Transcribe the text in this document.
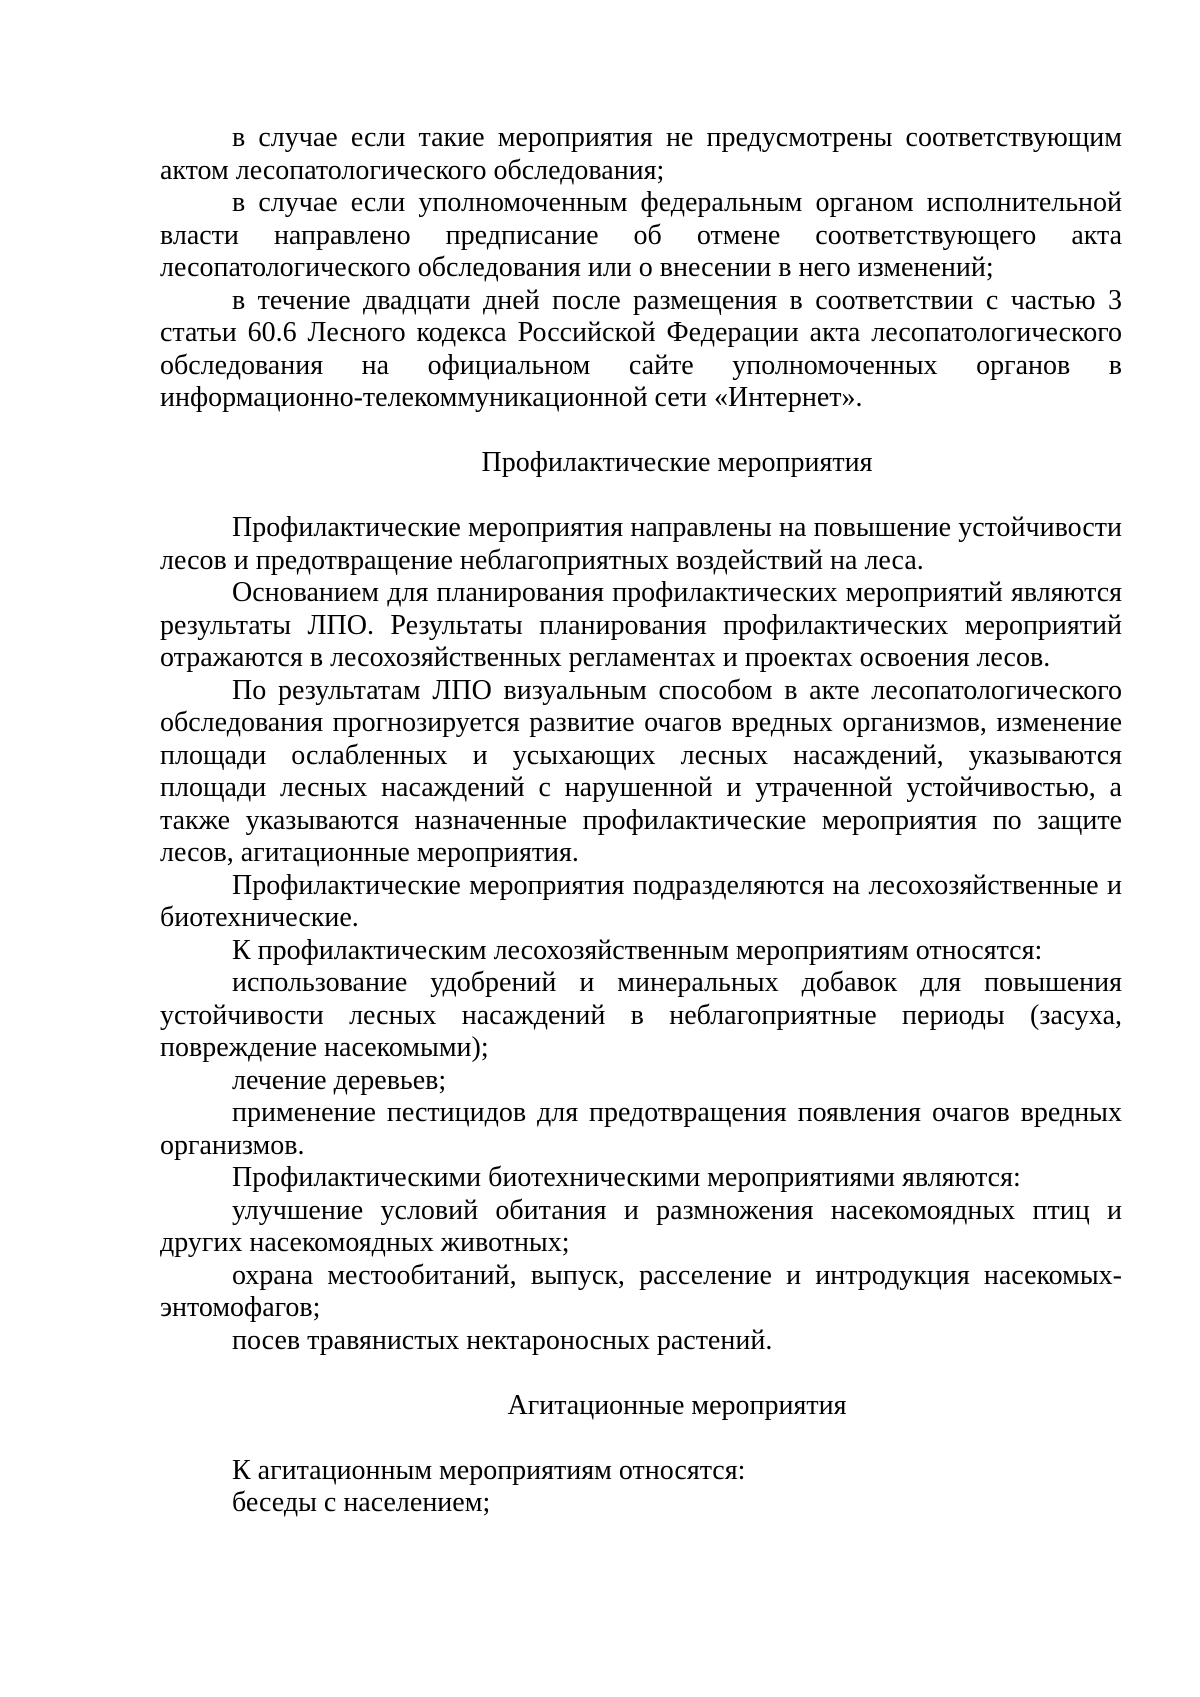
в случае если такие мероприятия не предусмотрены соответствующим актом лесопатологического обследования;

в случае если уполномоченным федеральным органом исполнительной власти направлено предписание об отмене соответствующего акта лесопатологического обследования или о внесении в него изменений;

в течение двадцати дней после размещения в соответствии с частью 3 статьи 60.6 Лесного кодекса Российской Федерации акта лесопатологического обследования на официальном сайте уполномоченных органов в информационно-телекоммуникационной сети «Интернет».

Профилактические мероприятия

Профилактические мероприятия направлены на повышение устойчивости лесов и предотвращение неблагоприятных воздействий на леса.

Основанием для планирования профилактических мероприятий являются результаты ЛПО. Результаты планирования профилактических мероприятий отражаются в лесохозяйственных регламентах и проектах освоения лесов.

По результатам ЛПО визуальным способом в акте лесопатологического обследования прогнозируется развитие очагов вредных организмов, изменение площади ослабленных и усыхающих лесных насаждений, указываются площади лесных насаждений с нарушенной и утраченной устойчивостью, а также указываются назначенные профилактические мероприятия по защите лесов, агитационные мероприятия.

Профилактические мероприятия подразделяются на лесохозяйственные и биотехнические.

К профилактическим лесохозяйственным мероприятиям относятся:

использование удобрений и минеральных добавок для повышения устойчивости лесных насаждений в неблагоприятные периоды (засуха, повреждение насекомыми);

лечение деревьев;

применение пестицидов для предотвращения появления очагов вредных организмов.

Профилактическими биотехническими мероприятиями являются:

улучшение условий обитания и размножения насекомоядных птиц и других насекомоядных животных;

охрана местообитаний, выпуск, расселение и интродукция насекомых-энтомофагов;

посев травянистых нектароносных растений.

Агитационные мероприятия

К агитационным мероприятиям относятся:

беседы с населением;
